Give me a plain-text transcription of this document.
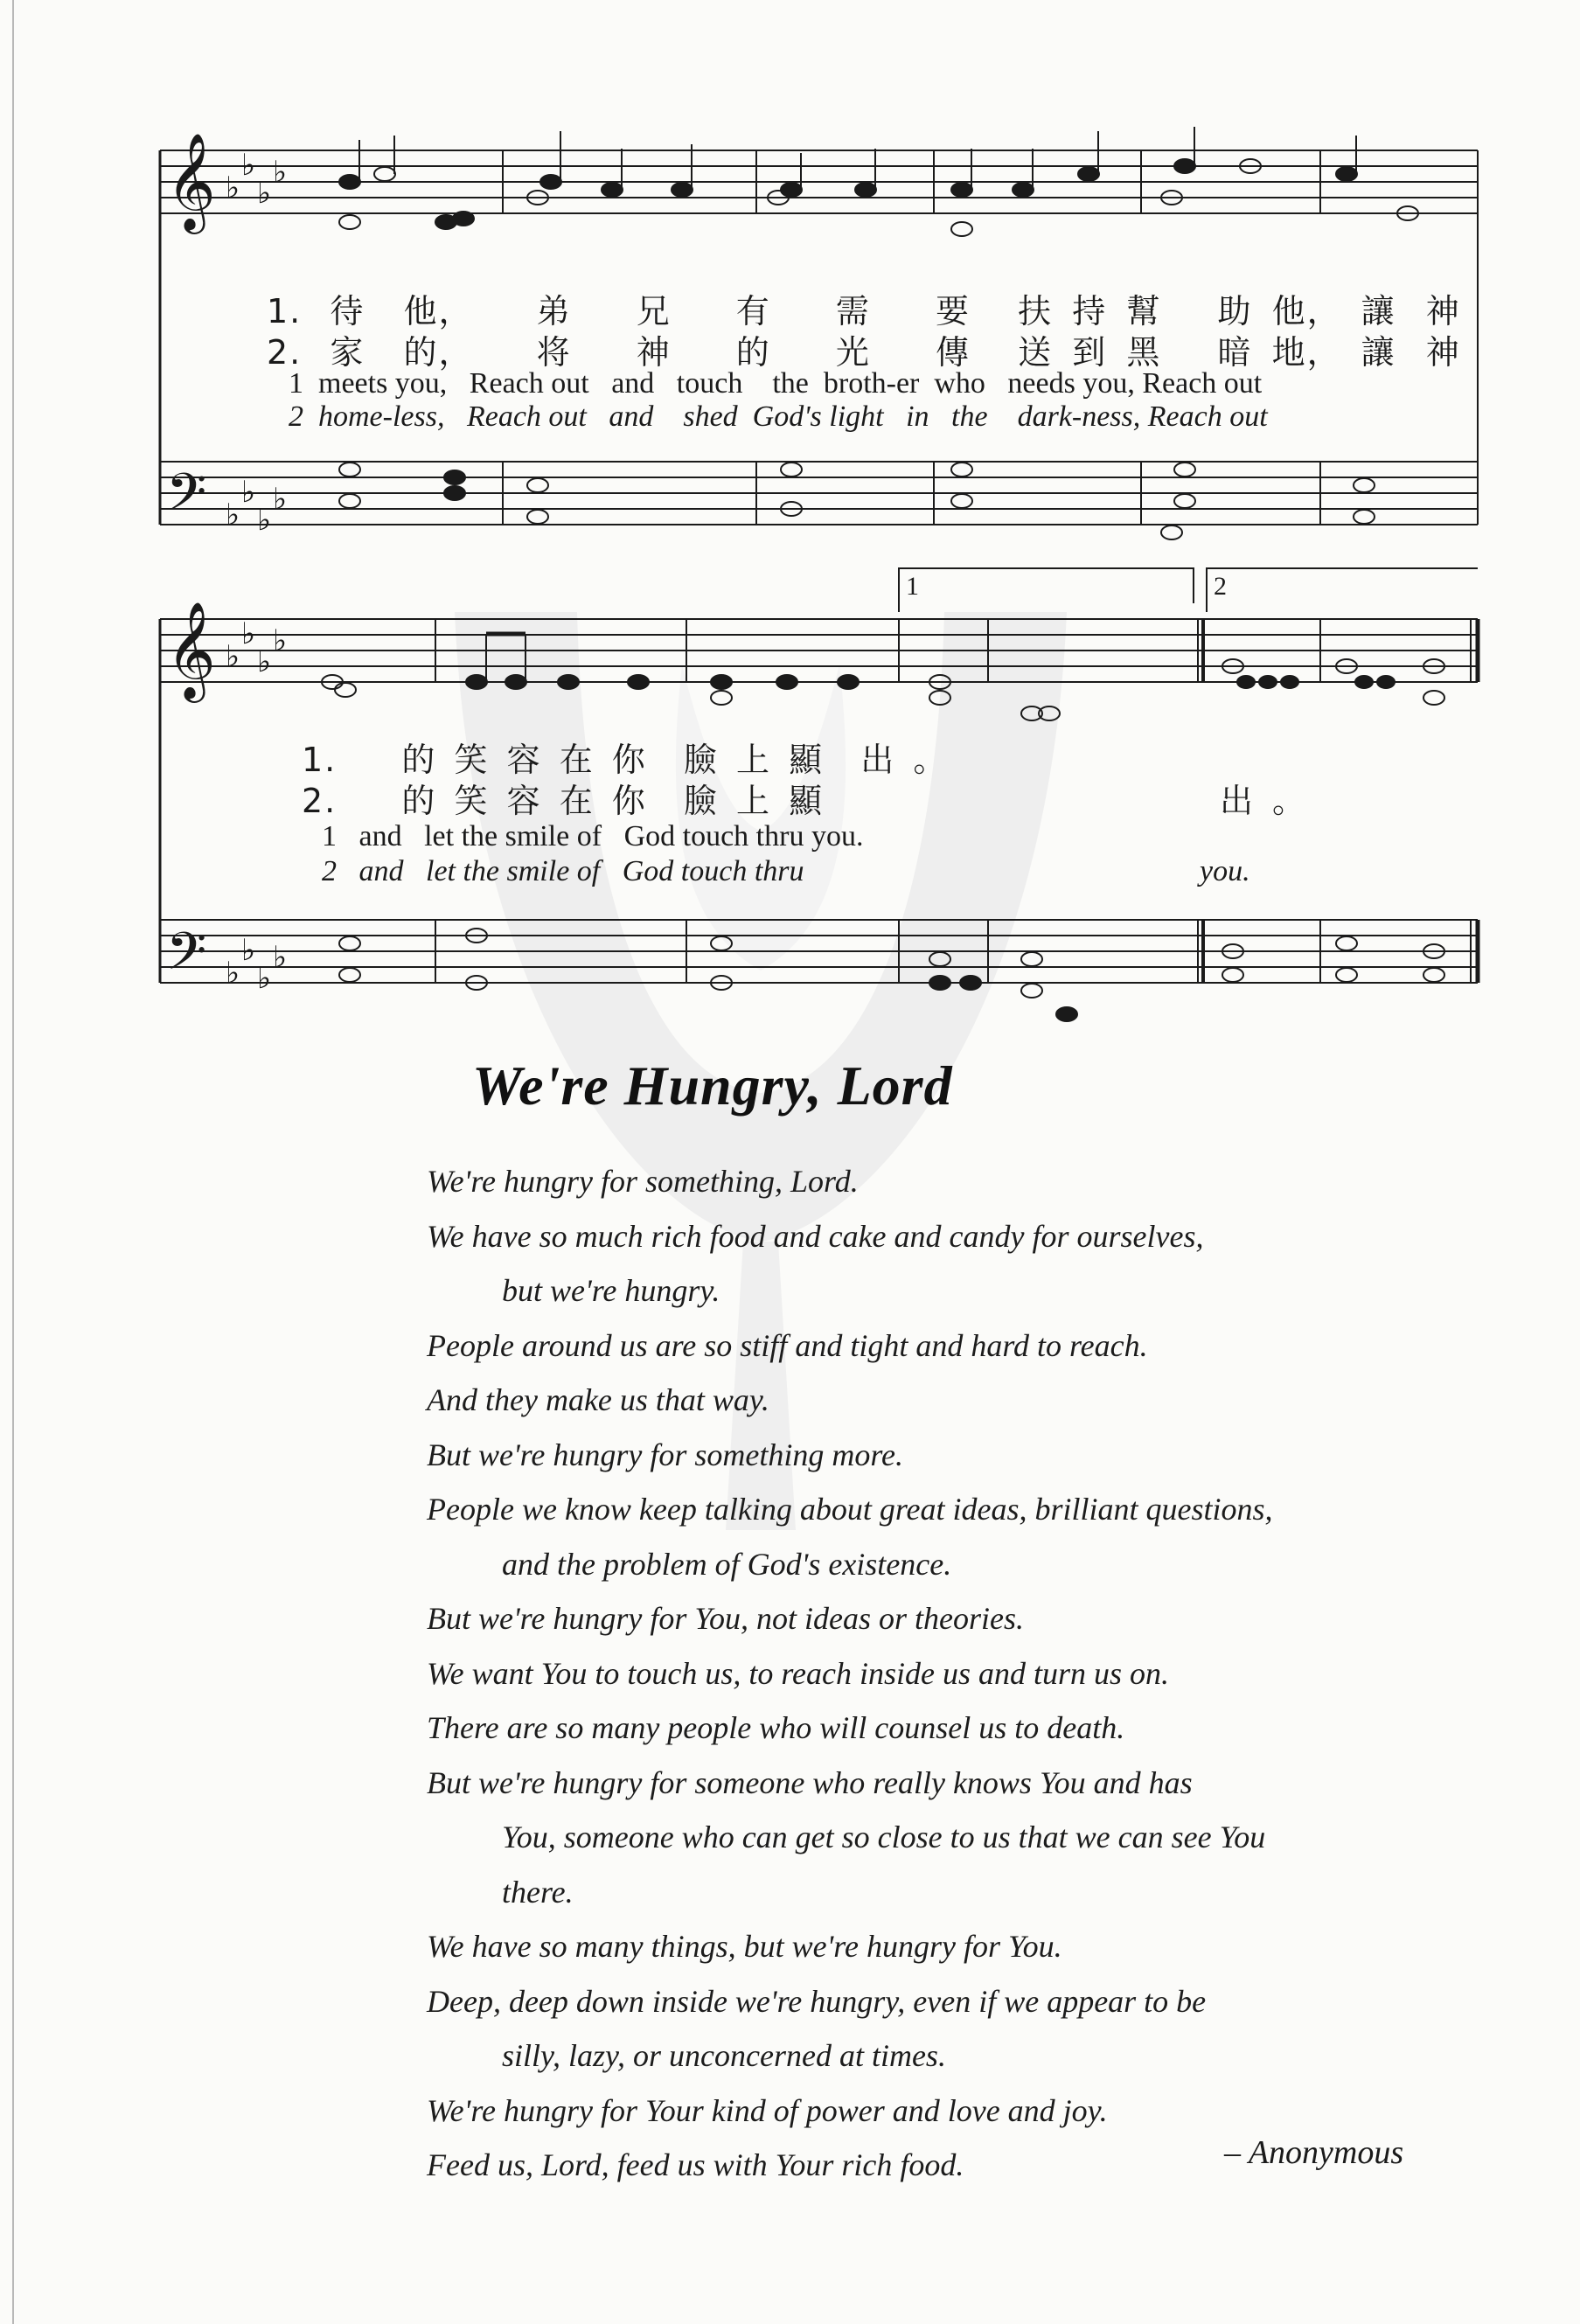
1	2
𝄞
𝄢
𝄞
𝄢
♭
♭
♭
♭
♭
♭
♭
♭
♭
♭
♭
♭
♭
♭
♭
♭
1. 待 他， 弟 兄 有 需 要 扶 持 幫 助 他， 讓 神
2. 家 的， 将 神 的 光 傳 送 到 黑 暗 地， 讓 神
1  meets you,   Reach out   and   touch    the  broth-er  who   needs you, Reach out
2  home-less,   Reach out   and    shed  God's light   in   the    dark-ness, Reach out
1. 的 笑 容 在 你 臉 上 顯 出 。
2. 的 笑 容 在 你 臉 上 顯	出 。
1   and   let the smile of   God touch thru you.
2   and   let the smile of   God touch thru	you.
We're Hungry, Lord
We're hungry for something, Lord.
We have so much rich food and cake and candy for ourselves,
but we're hungry.
People around us are so stiff and tight and hard to reach.
And they make us that way.
But we're hungry for something more.
People we know keep talking about great ideas, brilliant questions,
and the problem of God's existence.
But we're hungry for You, not ideas or theories.
We want You to touch us, to reach inside us and turn us on.
There are so many people who will counsel us to death.
But we're hungry for someone who really knows You and has
You, someone who can get so close to us that we can see You
there.
We have so many things, but we're hungry for You.
Deep, deep down inside we're hungry, even if we appear to be
silly, lazy, or unconcerned at times.
We're hungry for Your kind of power and love and joy.
Feed us, Lord, feed us with Your rich food.	– Anonymous
